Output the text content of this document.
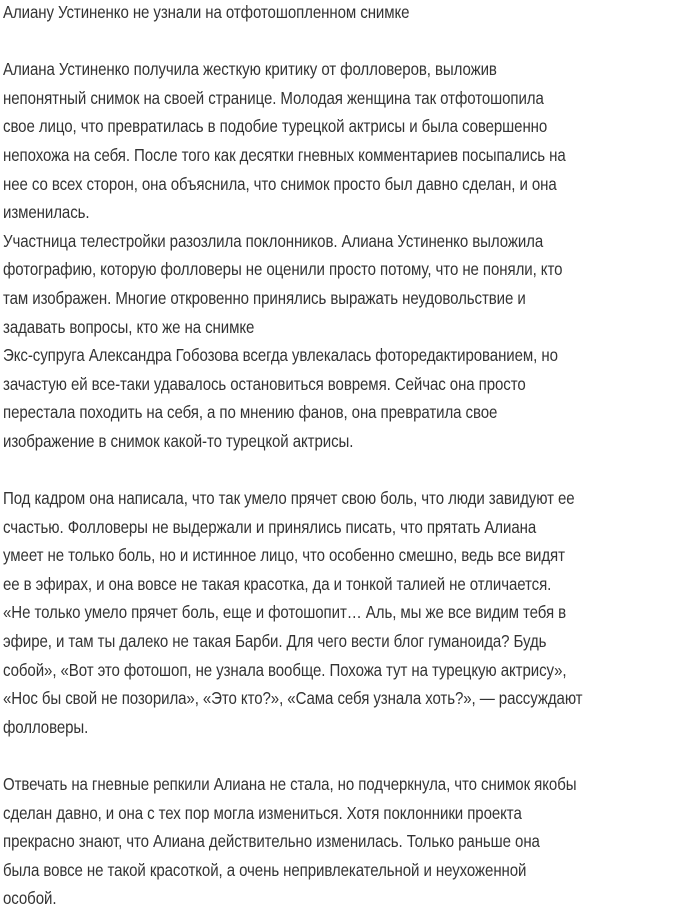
Алиану Устиненко не узнали на отфотошопленном снимке
Алиана Устиненко получила жесткую критику от фолловеров, выложив
непонятный снимок на своей странице. Молодая женщина так отфотошопила
свое лицо, что превратилась в подобие турецкой актрисы и была совершенно
непохожа на себя. После того как десятки гневных комментариев посыпались на
нее со всех сторон, она объяснила, что снимок просто был давно сделан, и она
изменилась.
Участница телестройки разозлила поклонников. Алиана Устиненко выложила
фотографию, которую фолловеры не оценили просто потому, что не поняли, кто
там изображен. Многие откровенно принялись выражать неудовольствие и
задавать вопросы, кто же на снимке
Экс-супруга Александра Гобозова всегда увлекалась фоторедактированием, но
зачастую ей все-таки удавалось остановиться вовремя. Сейчас она просто
перестала походить на себя, а по мнению фанов, она превратила свое
изображение в снимок какой-то турецкой актрисы.
Под кадром она написала, что так умело прячет свою боль, что люди завидуют ее
счастью. Фолловеры не выдержали и принялись писать, что прятать Алиана
умеет не только боль, но и истинное лицо, что особенно смешно, ведь все видят
ее в эфирах, и она вовсе не такая красотка, да и тонкой талией не отличается.
«Не только умело прячет боль, еще и фотошопит… Аль, мы же все видим тебя в
эфире, и там ты далеко не такая Барби. Для чего вести блог гуманоида? Будь
собой», «Вот это фотошоп, не узнала вообще. Похожа тут на турецкую актрису»,
«Нос бы свой не позорила», «Это кто?», «Сама себя узнала хоть?», — рассуждают
фолловеры.
Отвечать на гневные репкили Алиана не стала, но подчеркнула, что снимок якобы
сделан давно, и она с тех пор могла измениться. Хотя поклонники проекта
прекрасно знают, что Алиана действительно изменилась. Только раньше она
была вовсе не такой красоткой, а очень непривлекательной и неухоженной
особой.
